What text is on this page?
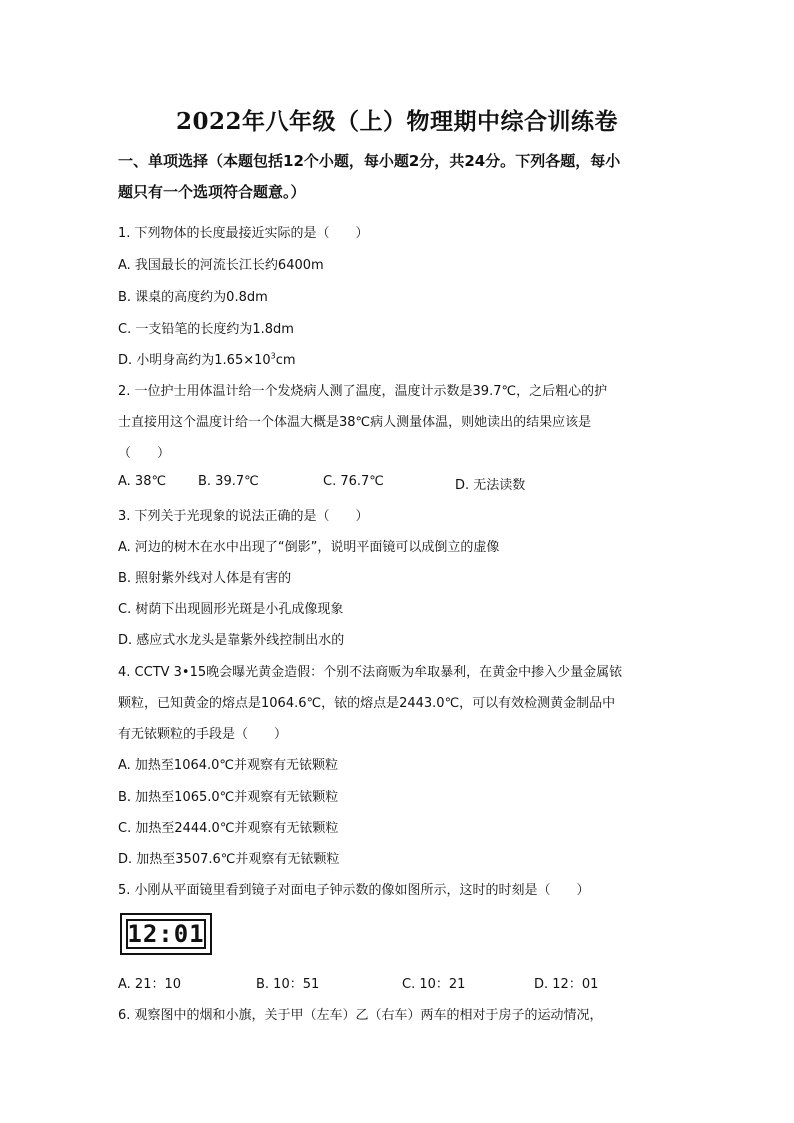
2022年八年级（上）物理期中综合训练卷
一、单项选择（本题包括12个小题，每小题2分，共24分。下列各题，每小
题只有一个选项符合题意。）
1. 下列物体的长度最接近实际的是（　　）
A. 我国最长的河流长江长约6400m
B. 课桌的高度约为0.8dm
C. 一支铅笔的长度约为1.8dm
D. 小明身高约为$1.65\times 10^3cm$
2. 一位护士用体温计给一个发烧病人测了温度，温度计示数是39.7℃，之后粗心的护
士直接用这个温度计给一个体温大概是38℃病人测量体温，则她读出的结果应该是
（　　）
A. 38℃ B. 39.7℃	C. 76.7℃	D. 无法读数
3. 下列关于光现象的说法正确的是（　　）
A. 河边的树木在水中出现了“倒影”，说明平面镜可以成倒立的虚像
B. 照射紫外线对人体是有害的
C. 树荫下出现圆形光斑是小孔成像现象
D. 感应式水龙头是靠紫外线控制出水的
4. CCTV 3•15晚会曝光黄金造假：个别不法商贩为牟取暴利，在黄金中掺入少量金属铱
颗粒，已知黄金的熔点是1064.6℃，铱的熔点是2443.0℃，可以有效检测黄金制品中
有无铱颗粒的手段是（　　）
A. 加热至1064.0℃并观察有无铱颗粒
B. 加热至1065.0℃并观察有无铱颗粒
C. 加热至2444.0℃并观察有无铱颗粒
D. 加热至3507.6℃并观察有无铱颗粒
5. 小刚从平面镜里看到镜子对面电子钟示数的像如图所示，这时的时刻是（　　）
12:01
A. 21：10	B. 10：51	C. 10：21	D. 12：01
6. 观察图中的烟和小旗，关于甲（左车）乙（右车）两车的相对于房子的运动情况，
